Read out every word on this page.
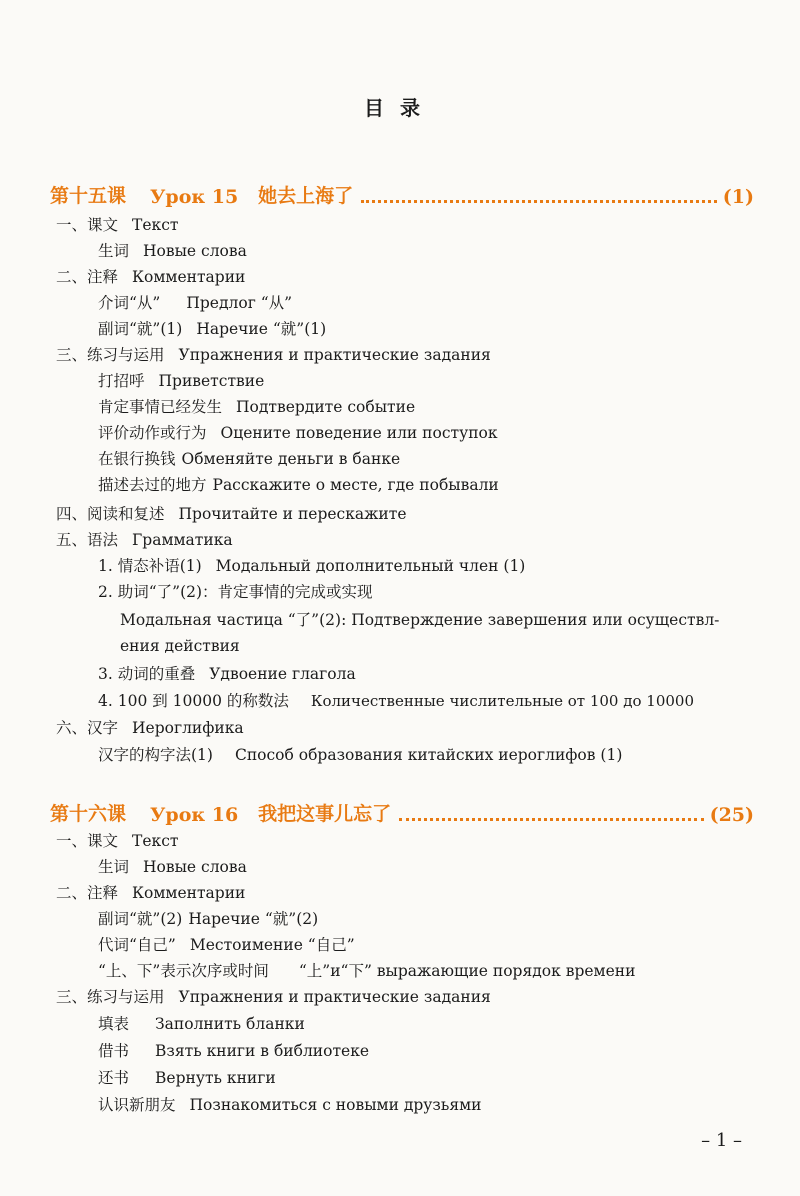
目录
第十五课 Урок 15 她去上海了	(1)
一、课文 Текст
生词 Новые слова
二、注释 Комментарии
介词“从” Предлог “从”
副词“就”(1) Наречие “就”(1)
三、练习与运用 Упражнения и практические задания
打招呼 Приветствие
肯定事情已经发生 Подтвердите событие
评价动作或行为 Оцените поведение или поступок
在银行换钱 Обменяйте деньги в банке
描述去过的地方 Расскажите о месте, где побывали
四、阅读和复述 Прочитайте и перескажите
五、语法 Грамматика
1. 情态补语(1) Модальный дополнительный член (1)
2. 助词“了”(2)：肯定事情的完成或实现
Модальная частица “了”(2): Подтверждение завершения или осуществл-
ения действия
3. 动词的重叠 Удвоение глагола
4. 100 到 10000 的称数法 Количественные числительные от 100 до 10000
六、汉字 Иероглифика
汉字的构字法(1) Способ образования китайских иероглифов (1)
第十六课 Урок 16 我把这事儿忘了	(25)
一、课文 Текст
生词 Новые слова
二、注释 Комментарии
副词“就”(2) Наречие “就”(2)
代词“自己” Местоимение “自己”
“上、下”表示次序或时间 “上”и“下” выражающие порядок времени
三、练习与运用 Упражнения и практические задания
填表 Заполнить бланки
借书 Взять книги в библиотеке
还书 Вернуть книги
认识新朋友 Познакомиться с новыми друзьями
– 1 –
